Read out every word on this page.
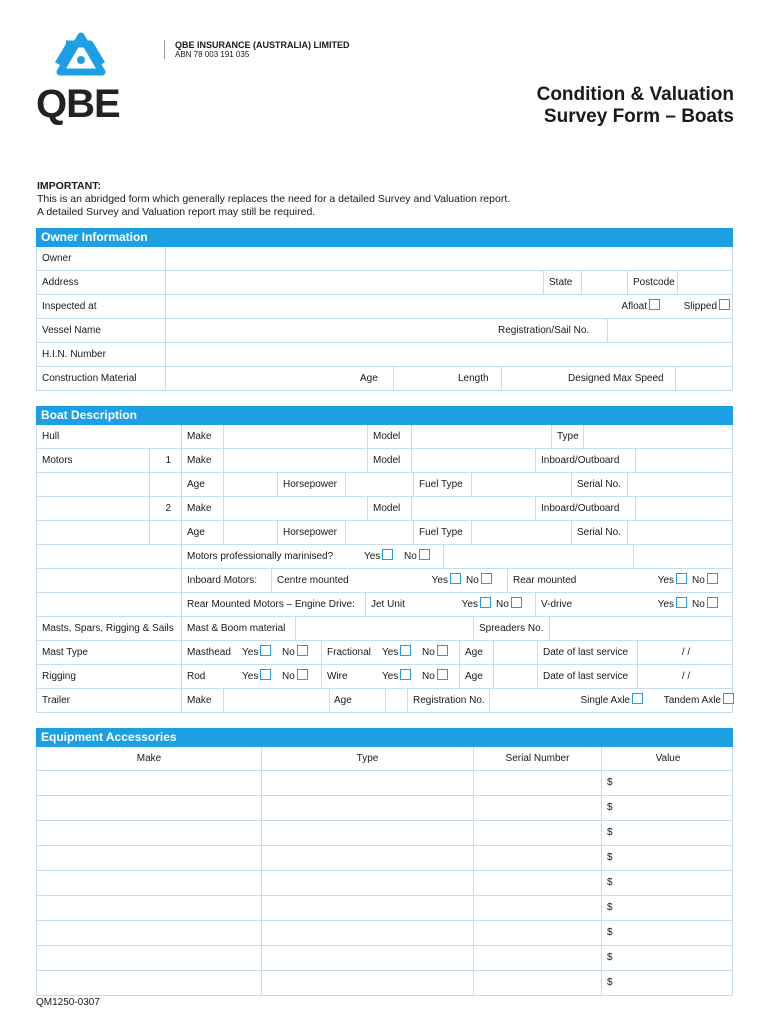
QBE
QBE INSURANCE (AUSTRALIA) LIMITED
ABN 78 003 191 035
Condition & Valuation
Survey Form – Boats
IMPORTANT:
This is an abridged form which generally replaces the need for a detailed Survey and Valuation report.
A detailed Survey and Valuation report may still be required.
Owner Information
Owner
Address	State	Postcode
Inspected at	Afloat	Slipped
Vessel Name	Registration/Sail No.
H.I.N. Number
Construction Material	Age	Length	Designed Max Speed
Boat Description
Hull	Make	Model	Type
Motors	1	Make	Model	Inboard/Outboard
Age	Horsepower	Fuel Type	Serial No.
2	Make	Model	Inboard/Outboard
Age	Horsepower	Fuel Type	Serial No.
Motors professionally marinised?	Yes	No
Inboard Motors:	Centre mounted	Yes	No	Rear mounted	Yes	No
Rear Mounted Motors – Engine Drive:	Jet Unit	Yes	No	V-drive	Yes	No
Masts, Spars, Rigging & Sails	Mast & Boom material	Spreaders No.
Mast Type	Masthead	Yes	No	Fractional	Yes	No	Age	Date of last service	/ /
Rigging	Rod	Yes	No	Wire	Yes	No	Age	Date of last service	/ /
Trailer	Make	Age	Registration No.	Single Axle	Tandem Axle
Equipment Accessories
Make	Type	Serial Number	Value
$
$
$
$
$
$
$
$
$
QM1250-0307
